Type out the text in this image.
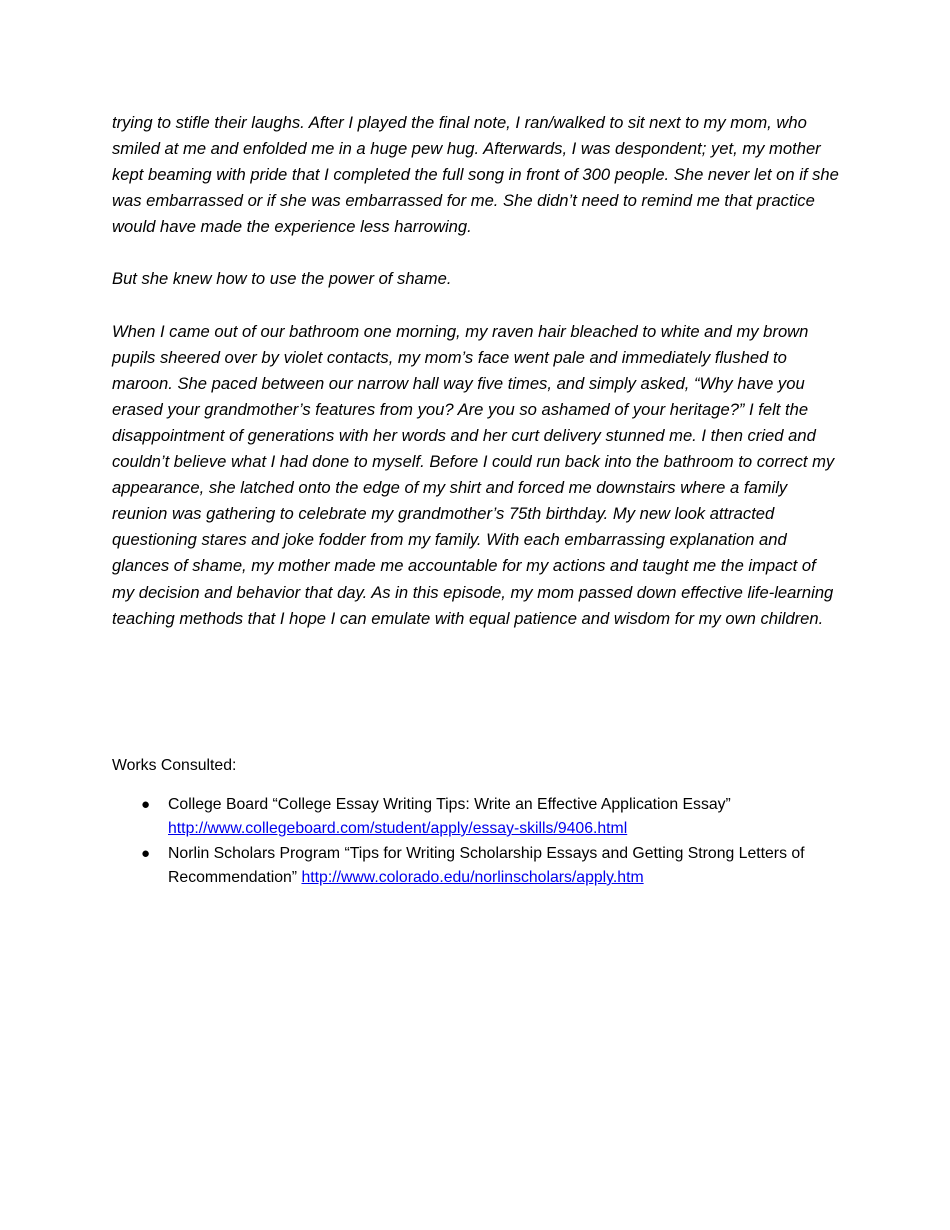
trying to stifle their laughs. After I played the final note, I ran/walked to sit next to my mom, who smiled at me and enfolded me in a huge pew hug. Afterwards, I was despondent; yet, my mother kept beaming with pride that I completed the full song in front of 300 people. She never let on if she was embarrassed or if she was embarrassed for me. She didn’t need to remind me that practice would have made the experience less harrowing.

But she knew how to use the power of shame.

When I came out of our bathroom one morning, my raven hair bleached to white and my brown pupils sheered over by violet contacts, my mom’s face went pale and immediately flushed to maroon. She paced between our narrow hall way five times, and simply asked, “Why have you erased your grandmother’s features from you? Are you so ashamed of your heritage?” I felt the disappointment of generations with her words and her curt delivery stunned me. I then cried and couldn’t believe what I had done to myself. Before I could run back into the bathroom to correct my appearance, she latched onto the edge of my shirt and forced me downstairs where a family reunion was gathering to celebrate my grandmother’s 75th birthday. My new look attracted questioning stares and joke fodder from my family. With each embarrassing explanation and glances of shame, my mother made me accountable for my actions and taught me the impact of my decision and behavior that day. As in this episode, my mom passed down effective life-learning teaching methods that I hope I can emulate with equal patience and wisdom for my own children.

Works Consulted:

● College Board “College Essay Writing Tips: Write an Effective Application Essay” http://www.collegeboard.com/student/apply/essay-skills/9406.html
● Norlin Scholars Program “Tips for Writing Scholarship Essays and Getting Strong Letters of Recommendation” http://www.colorado.edu/norlinscholars/apply.htm
